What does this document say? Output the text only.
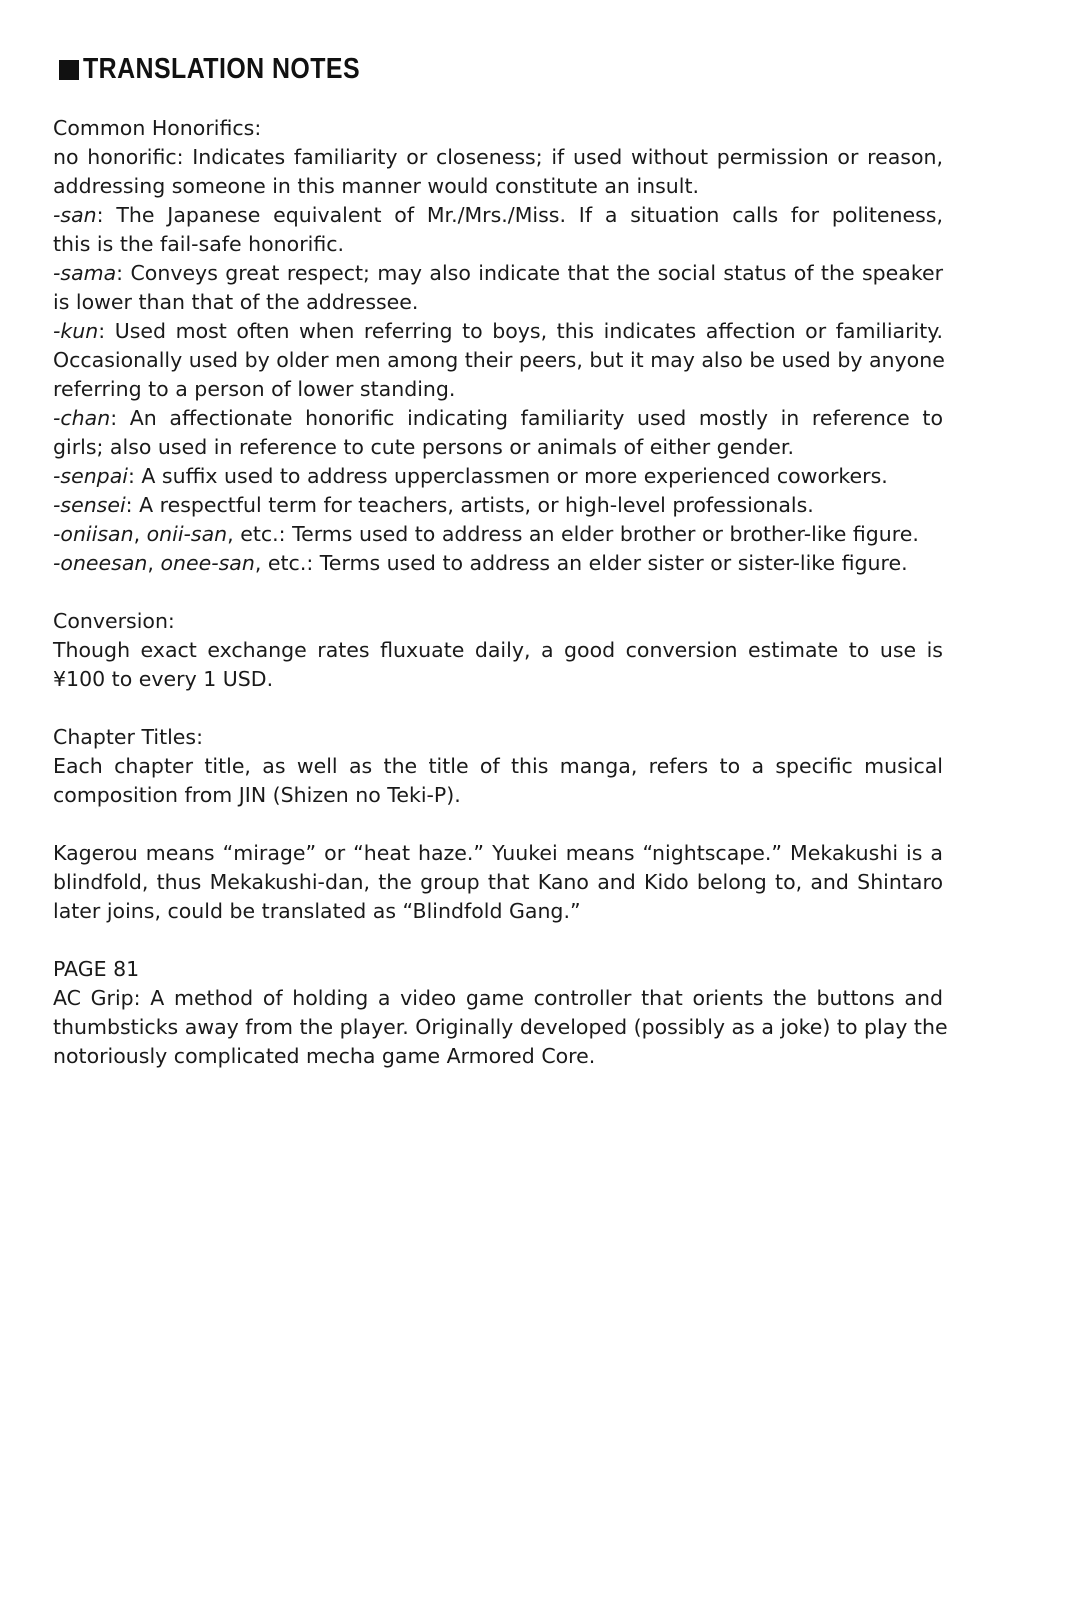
TRANSLATION NOTES
Common Honorifics:
no honorific: Indicates familiarity or closeness; if used without permission or reason,
addressing someone in this manner would constitute an insult.
-san: The Japanese equivalent of Mr./Mrs./Miss. If a situation calls for politeness,
this is the fail-safe honorific.
-sama: Conveys great respect; may also indicate that the social status of the speaker
is lower than that of the addressee.
-kun: Used most often when referring to boys, this indicates affection or familiarity.
Occasionally used by older men among their peers, but it may also be used by anyone
referring to a person of lower standing.
-chan: An affectionate honorific indicating familiarity used mostly in reference to
girls; also used in reference to cute persons or animals of either gender.
-senpai: A suffix used to address upperclassmen or more experienced coworkers.
-sensei: A respectful term for teachers, artists, or high-level professionals.
-oniisan, onii-san, etc.: Terms used to address an elder brother or brother-like figure.
-oneesan, onee-san, etc.: Terms used to address an elder sister or sister-like figure.
Conversion:
Though exact exchange rates fluxuate daily, a good conversion estimate to use is
¥100 to every 1 USD.
Chapter Titles:
Each chapter title, as well as the title of this manga, refers to a specific musical
composition from JIN (Shizen no Teki-P).
Kagerou means “mirage” or “heat haze.” Yuukei means “nightscape.” Mekakushi is a
blindfold, thus Mekakushi-dan, the group that Kano and Kido belong to, and Shintaro
later joins, could be translated as “Blindfold Gang.”
PAGE 81
AC Grip: A method of holding a video game controller that orients the buttons and
thumbsticks away from the player. Originally developed (possibly as a joke) to play the
notoriously complicated mecha game Armored Core.
